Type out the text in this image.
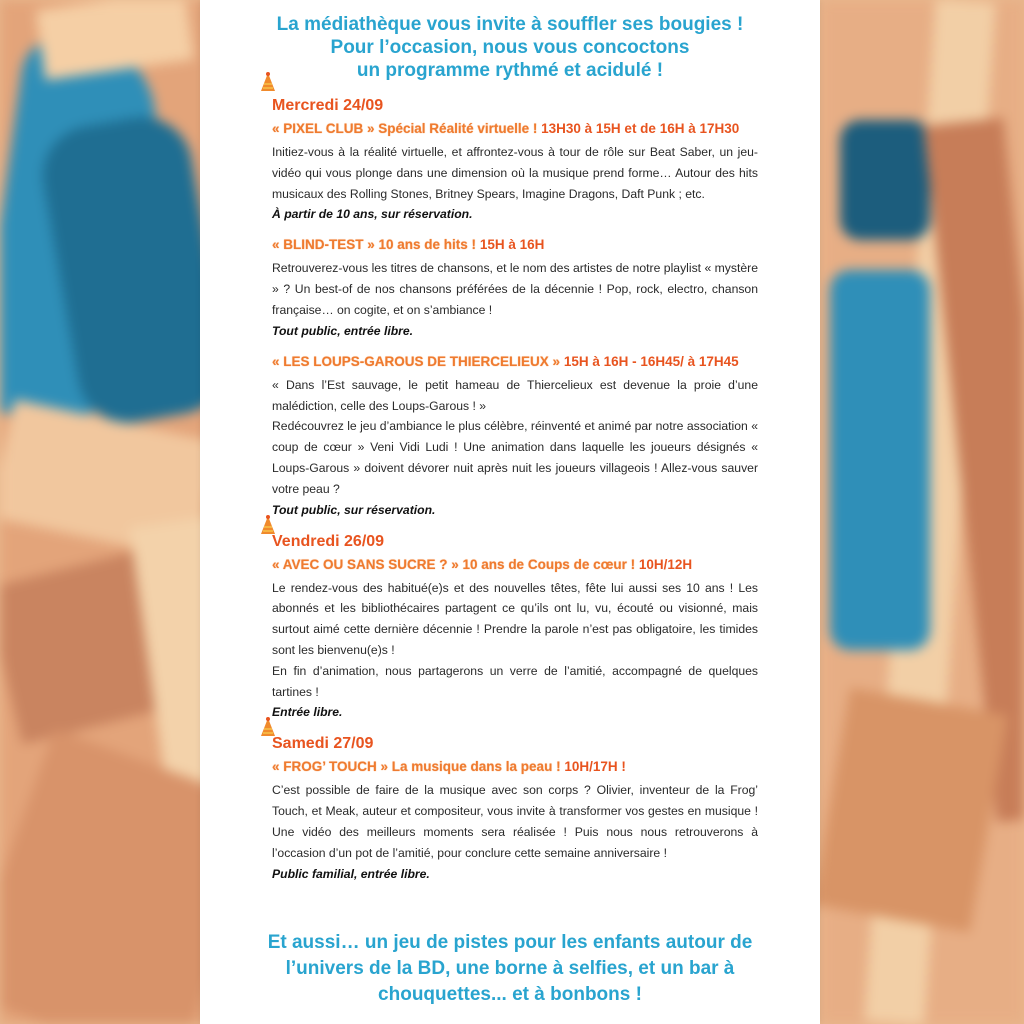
La médiathèque vous invite à souffler ses bougies !
Pour l’occasion, nous vous concoctons
un programme rythmé et acidulé !
Mercredi 24/09
« PIXEL CLUB » Spécial Réalité virtuelle ! 13H30 à 15H et de 16H à 17H30

Initiez-vous à la réalité virtuelle, et affrontez-vous à tour de rôle sur Beat Saber, un jeu-vidéo qui vous plonge dans une dimension où la musique prend forme… Autour des hits musicaux des Rolling Stones, Britney Spears, Imagine Dragons, Daft Punk ; etc.

À partir de 10 ans, sur réservation.

« BLIND-TEST » 10 ans de hits ! 15H à 16H

Retrouverez-vous les titres de chansons, et le nom des artistes de notre playlist « mystère » ? Un best-of de nos chansons préférées de la décennie ! Pop, rock, electro, chanson française… on cogite, et on s’ambiance !

Tout public, entrée libre.

« LES LOUPS-GAROUS DE THIERCELIEUX » 15H à 16H - 16H45/ à 17H45

« Dans l’Est sauvage, le petit hameau de Thiercelieux est devenue la proie d’une malédiction, celle des Loups-Garous ! »

Redécouvrez le jeu d’ambiance le plus célèbre, réinventé et animé par notre association « coup de cœur » Veni Vidi Ludi ! Une animation dans laquelle les joueurs désignés « Loups-Garous » doivent dévorer nuit après nuit les joueurs villageois ! Allez-vous sauver votre peau ?

Tout public, sur réservation.

Vendredi 26/09
« AVEC OU SANS SUCRE ? » 10 ans de Coups de cœur ! 10H/12H

Le rendez-vous des habitué(e)s et des nouvelles têtes, fête lui aussi ses 10 ans ! Les abonnés et les bibliothécaires partagent ce qu’ils ont lu, vu, écouté ou visionné, mais surtout aimé cette dernière décennie ! Prendre la parole n’est pas obligatoire, les timides sont les bienvenu(e)s !

En fin d’animation, nous partagerons un verre de l’amitié, accompagné de quelques tartines !

Entrée libre.

Samedi 27/09
« FROG’ TOUCH » La musique dans la peau ! 10H/17H !

C’est possible de faire de la musique avec son corps ? Olivier, inventeur de la Frog’ Touch, et Meak, auteur et compositeur, vous invite à transformer vos gestes en musique ! Une vidéo des meilleurs moments sera réalisée ! Puis nous nous retrouverons à l’occasion d’un pot de l’amitié, pour conclure cette semaine anniversaire !

Public familial, entrée libre.

Et aussi… un jeu de pistes pour les enfants autour de
l’univers de la BD, une borne à selfies, et un bar à
chouquettes... et à bonbons !
